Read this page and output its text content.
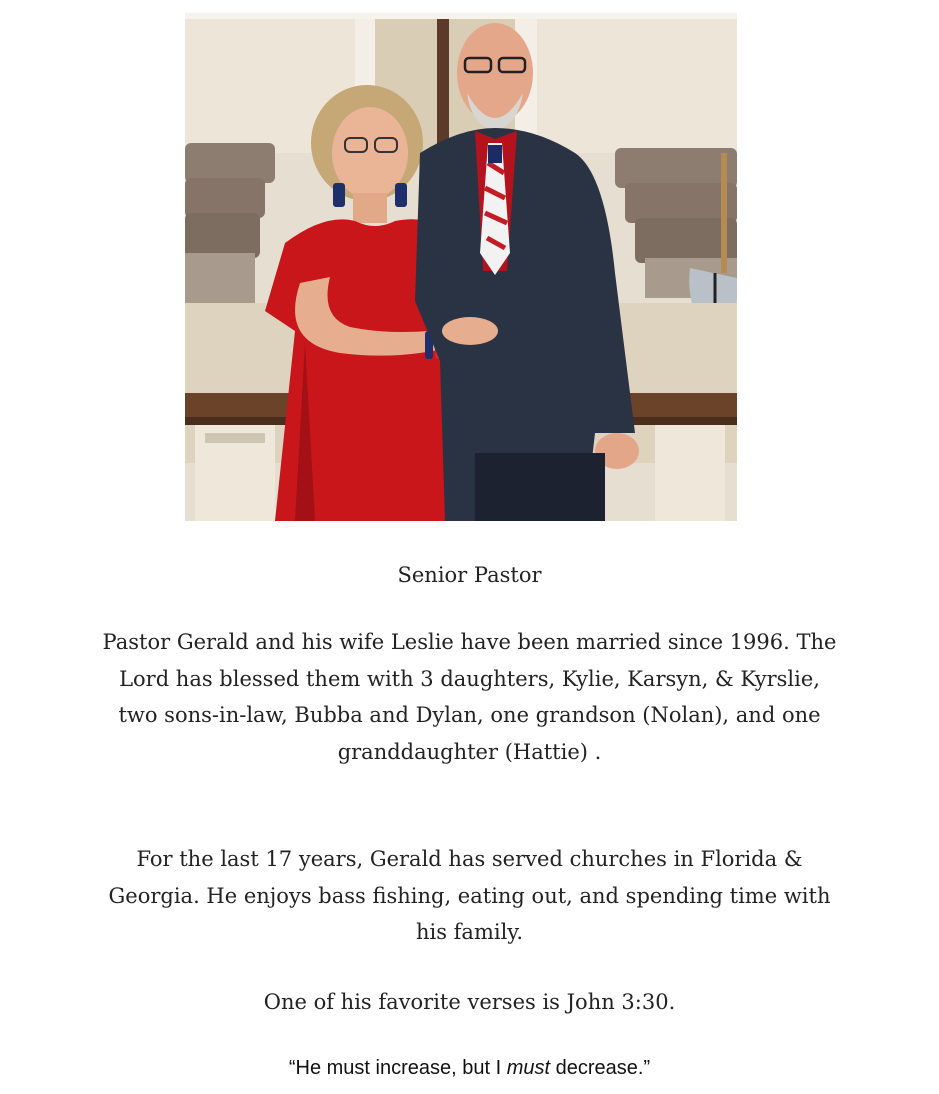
Senior Pastor

Pastor Gerald and his wife Leslie have been married since 1996. The Lord has blessed them with 3 daughters, Kylie, Karsyn, & Kyrslie, two sons-in-law, Bubba and Dylan, one grandson (Nolan), and one granddaughter (Hattie) .

For the last 17 years, Gerald has served churches in Florida & Georgia. He enjoys bass fishing, eating out, and spending time with his family.

One of his favorite verses is John 3:30.

“He must increase, but I must decrease.”
